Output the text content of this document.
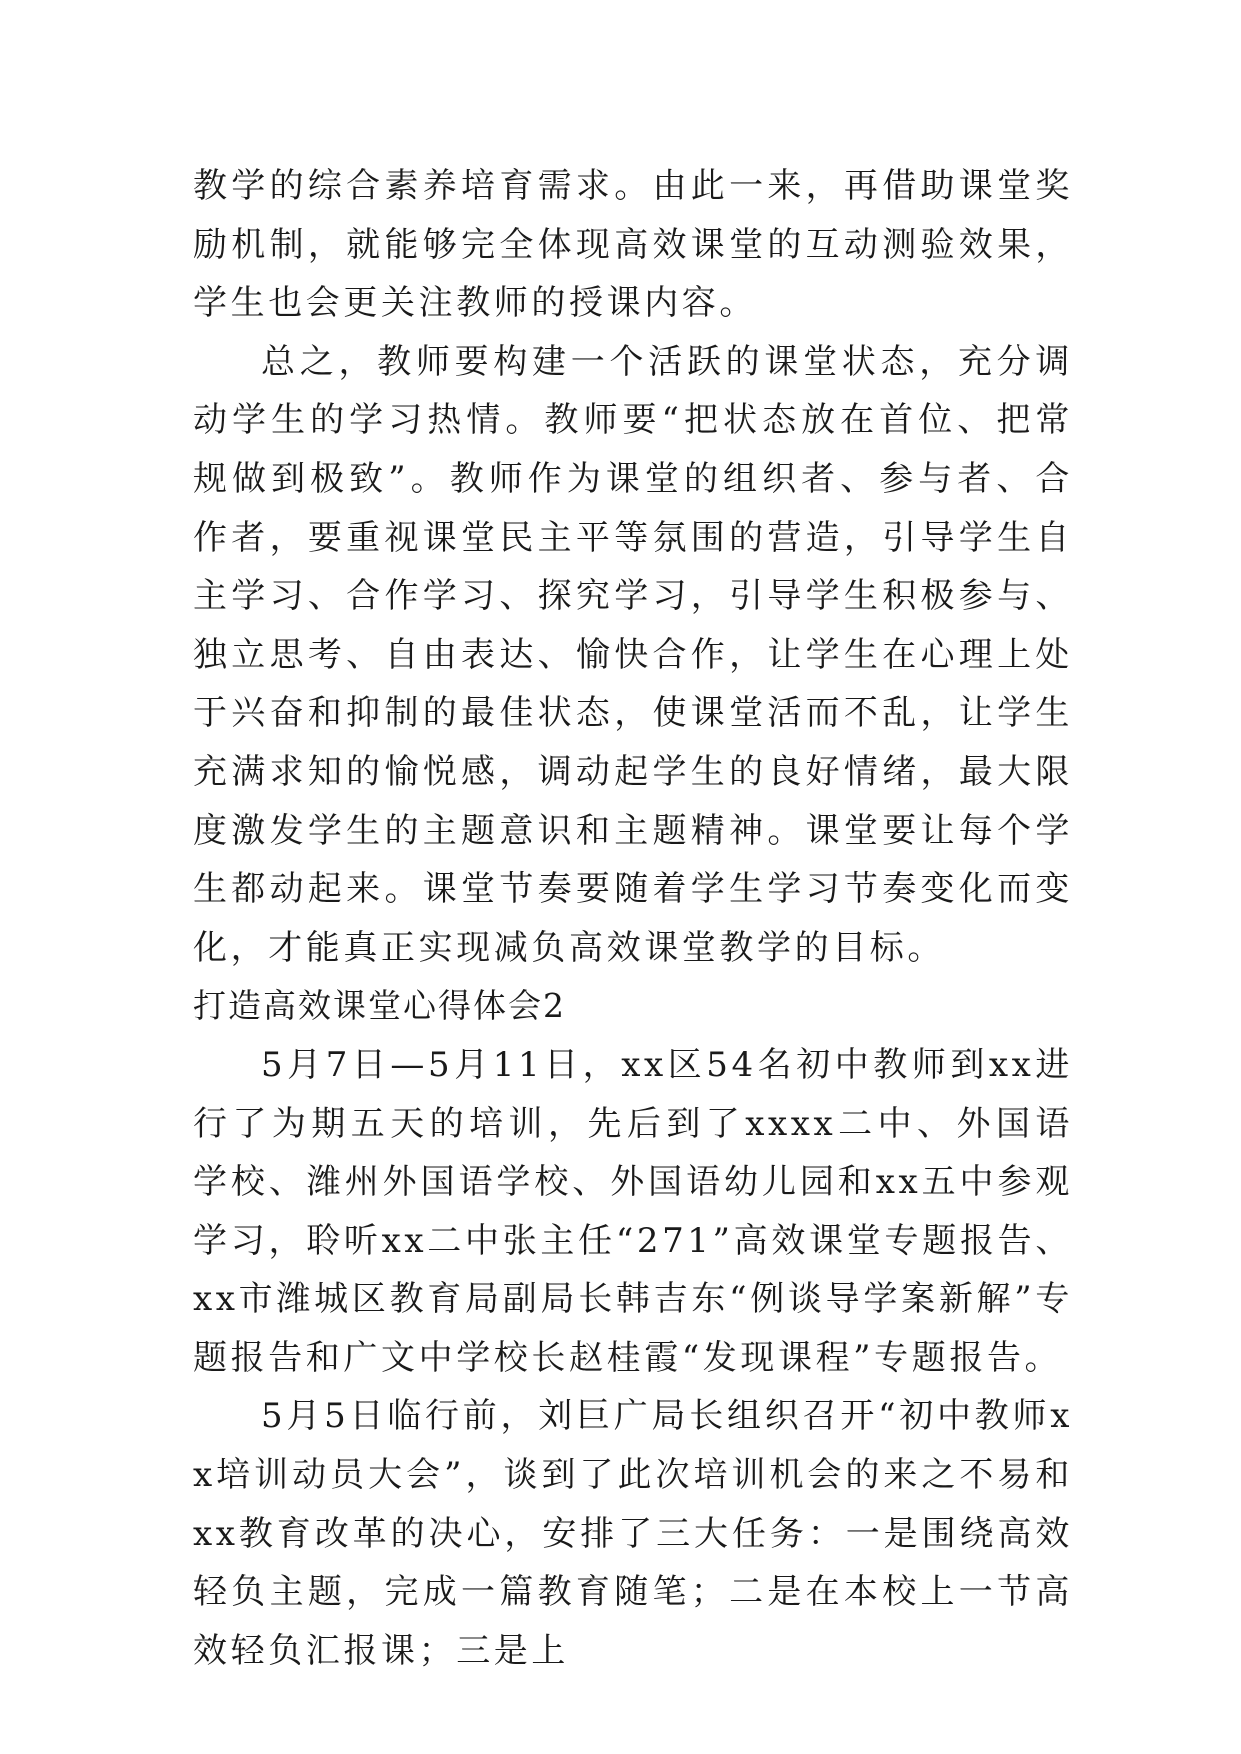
教学的综合素养培育需求。由此一来，再借助课堂奖励机制，就能够完全体现高效课堂的互动测验效果，学生也会更关注教师的授课内容。

总之，教师要构建一个活跃的课堂状态，充分调动学生的学习热情。教师要“把状态放在首位、把常规做到极致”。教师作为课堂的组织者、参与者、合作者，要重视课堂民主平等氛围的营造，引导学生自主学习、合作学习、探究学习，引导学生积极参与、独立思考、自由表达、愉快合作，让学生在心理上处于兴奋和抑制的最佳状态，使课堂活而不乱，让学生充满求知的愉悦感，调动起学生的良好情绪，最大限度激发学生的主题意识和主题精神。课堂要让每个学生都动起来。课堂节奏要随着学生学习节奏变化而变化，才能真正实现减负高效课堂教学的目标。

打造高效课堂心得体会2

5月7日—5月11日，xx区54名初中教师到xx进行了为期五天的培训，先后到了xxxx二中、外国语学校、潍州外国语学校、外国语幼儿园和xx五中参观学习，聆听xx二中张主任“271”高效课堂专题报告、xx市潍城区教育局副局长韩吉东“例谈导学案新解”专题报告和广文中学校长赵桂霞“发现课程”专题报告。

5月5日临行前，刘巨广局长组织召开“初中教师xx培训动员大会”，谈到了此次培训机会的来之不易和xx教育改革的决心，安排了三大任务：一是围绕高效轻负主题，完成一篇教育随笔；二是在本校上一节高效轻负汇报课；三是上
